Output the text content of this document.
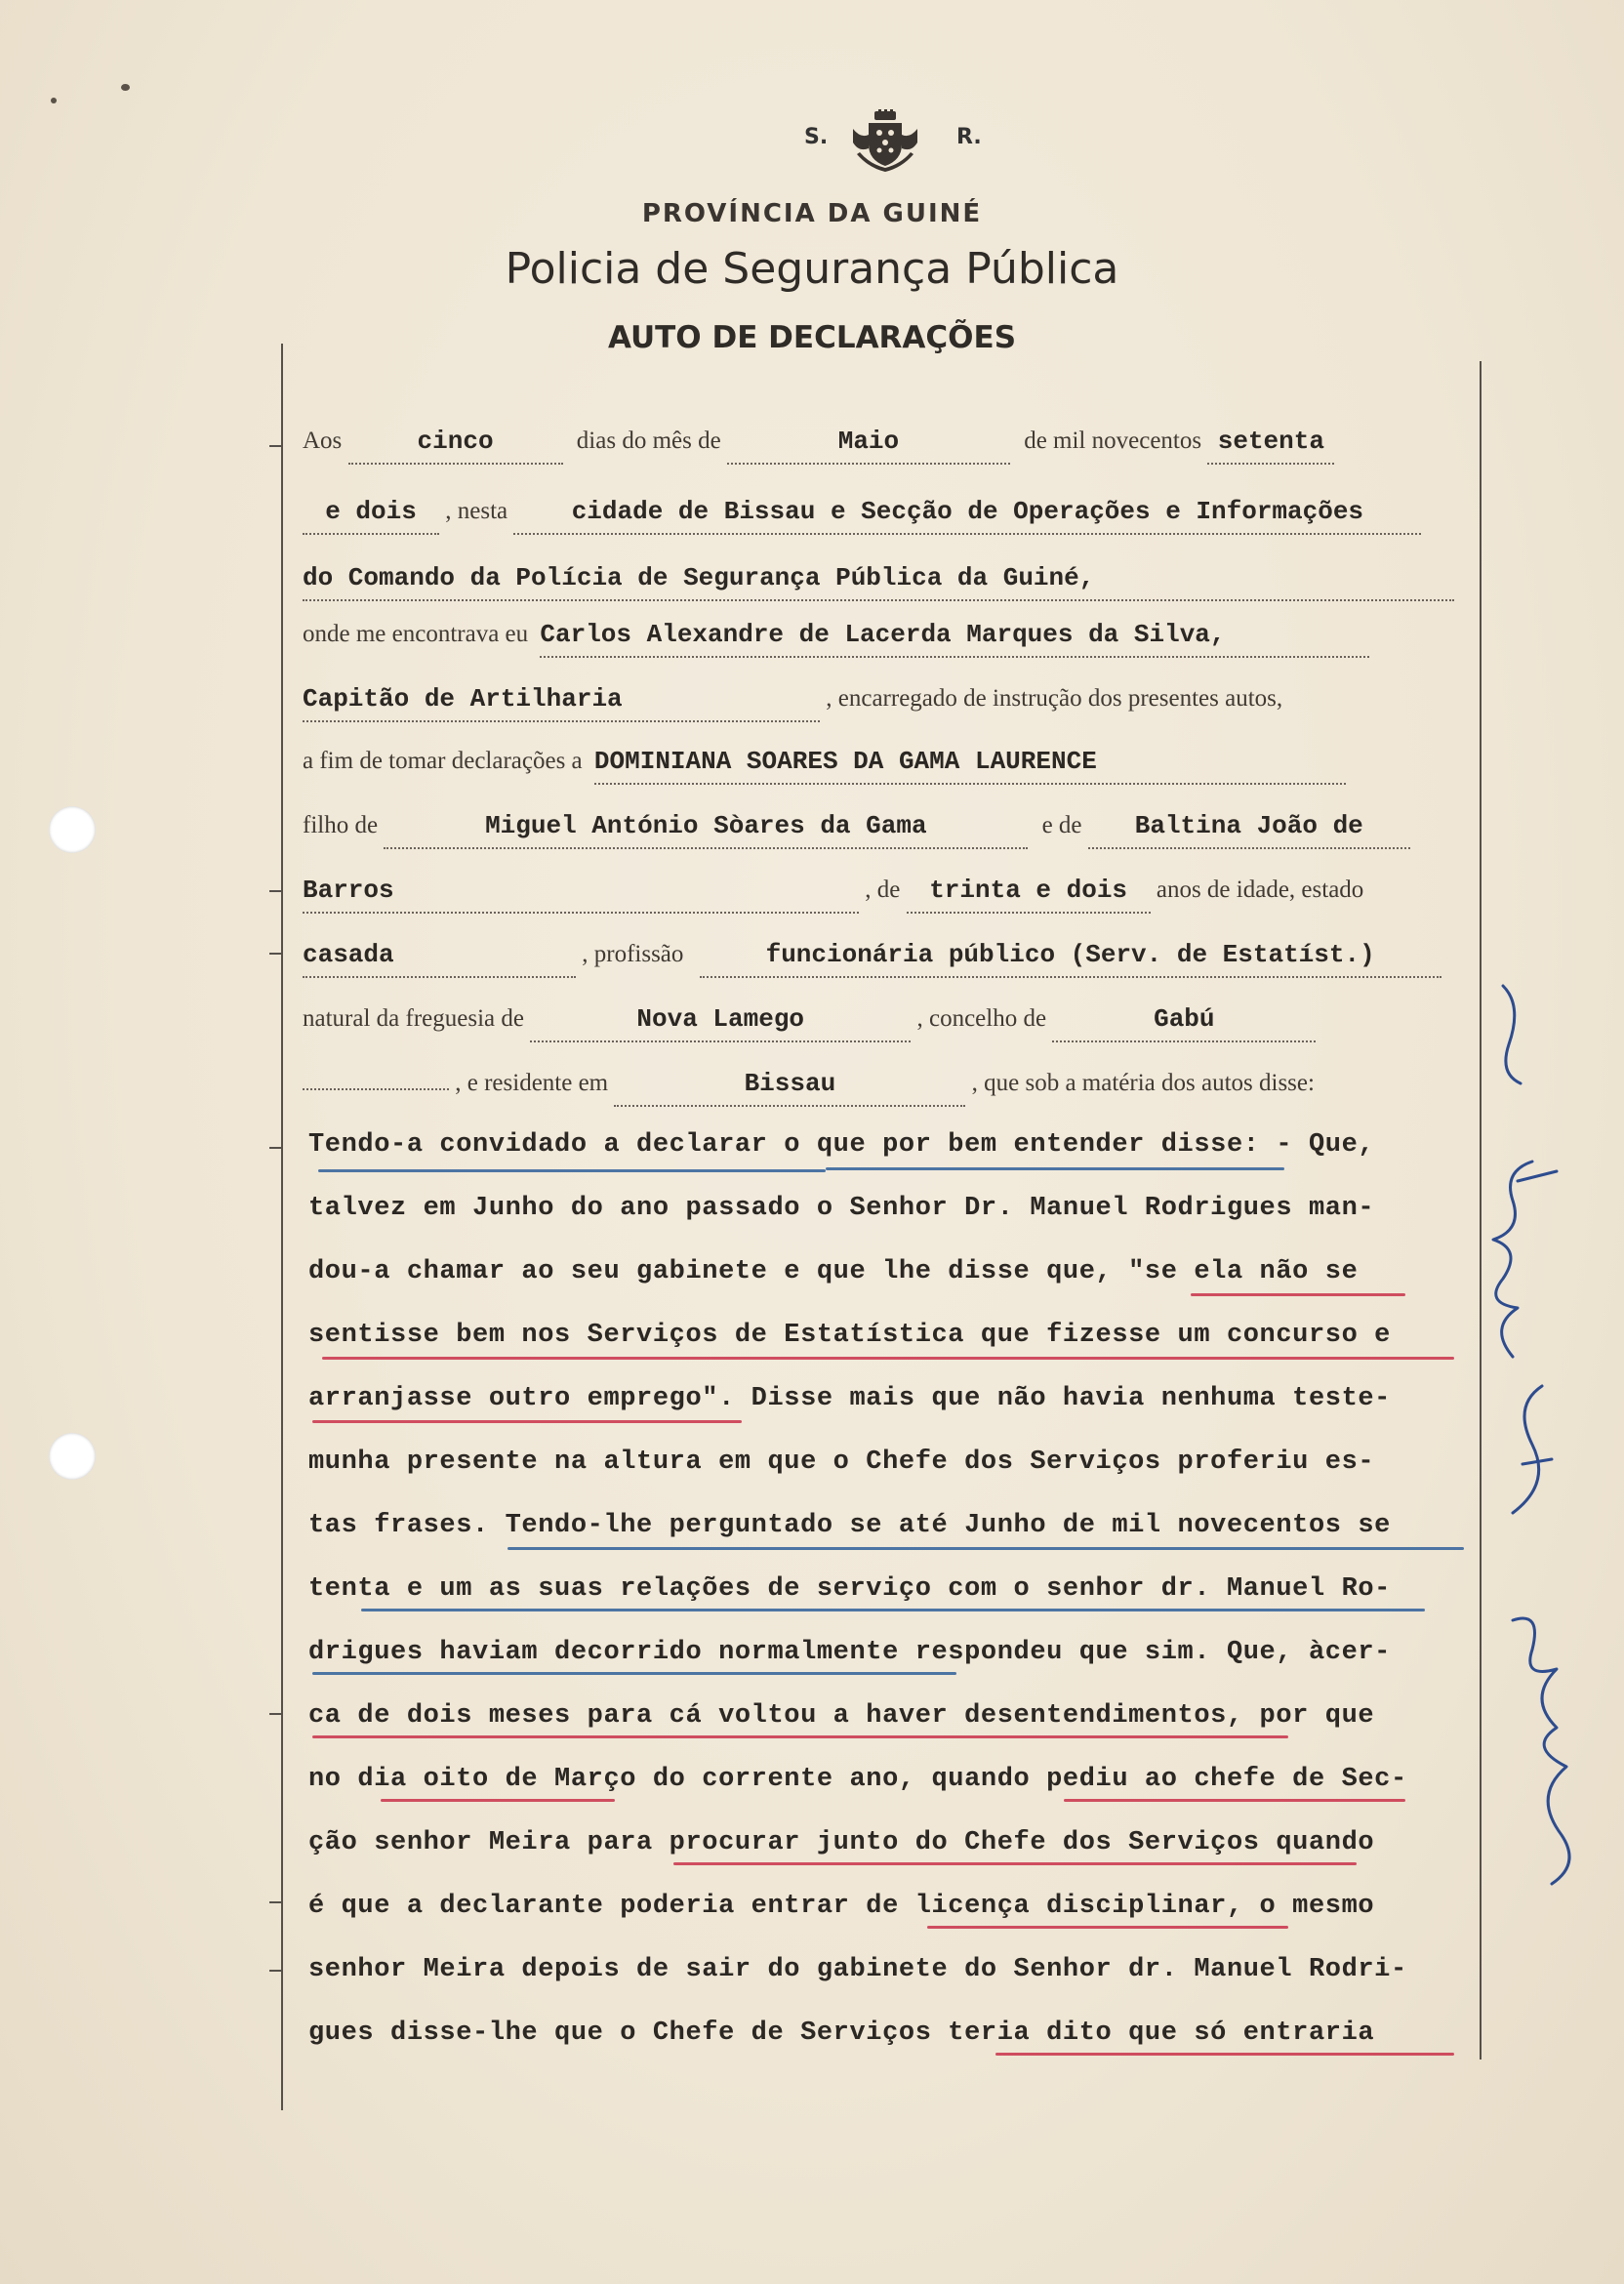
S.	R.
PROVÍNCIA DA GUINÉ
Policia de Segurança Pública
AUTO DE DECLARAÇÕES
Aos	cinco	dias do mês de	Maio	de mil novecentos setenta
e dois , nesta	cidade de Bissau e Secção de Operações e Informações
do Comando da Polícia de Segurança Pública da Guiné,
onde me encontrava eu Carlos Alexandre de Lacerda Marques da Silva,
Capitão de Artilharia	, encarregado de instrução dos presentes autos,
a fim de tomar declarações a DOMINIANA SOARES DA GAMA LAURENCE
filho de	Miguel António Sòares da Gama	e de Baltina João de
Barros	, de trinta e dois anos de idade, estado
casada	, profissão	funcionária público (Serv. de Estatíst.)
natural da freguesia de	Nova Lamego	, concelho de	Gabú
, e residente em	Bissau	, que sob a matéria dos autos disse:
Tendo-a convidado a declarar o que por bem entender disse: - Que,
talvez em Junho do ano passado o Senhor Dr. Manuel Rodrigues man-
dou-a chamar ao seu gabinete e que lhe disse que, "se ela não se
sentisse bem nos Serviços de Estatística que fizesse um concurso e
arranjasse outro emprego". Disse mais que não havia nenhuma teste-
munha presente na altura em que o Chefe dos Serviços proferiu es-
tas frases. Tendo-lhe perguntado se até Junho de mil novecentos se
tenta e um as suas relações de serviço com o senhor dr. Manuel Ro-
drigues haviam decorrido normalmente respondeu que sim. Que, àcer-
ca de dois meses para cá voltou a haver desentendimentos, por que
no dia oito de Março do corrente ano, quando pediu ao chefe de Sec-
ção senhor Meira para procurar junto do Chefe dos Serviços quando
é que a declarante poderia entrar de licença disciplinar, o mesmo
senhor Meira depois de sair do gabinete do Senhor dr. Manuel Rodri-
gues disse-lhe que o Chefe de Serviços teria dito que só entraria
